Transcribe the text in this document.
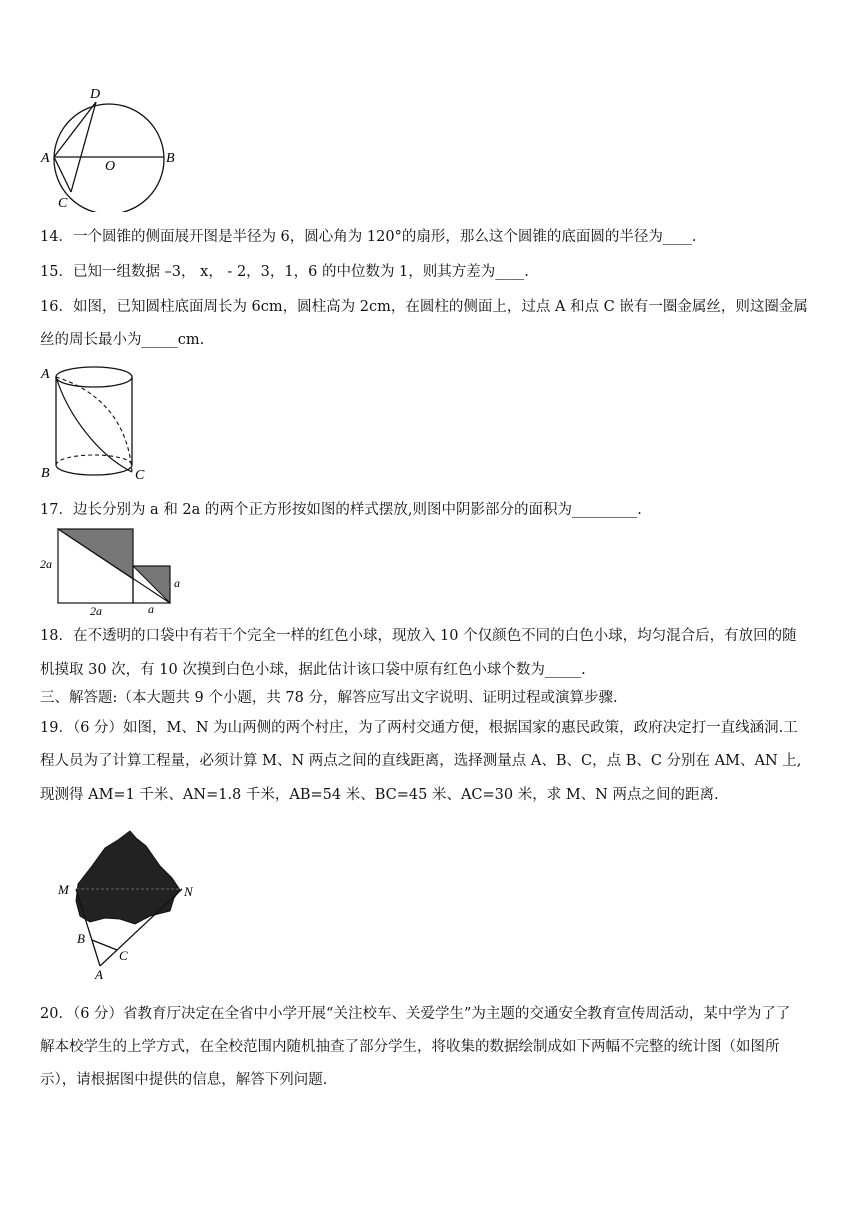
D
A
O
B
C
14．一个圆锥的侧面展开图是半径为 6，圆心角为 120°的扇形，那么这个圆锥的底面圆的半径为____.
15．已知一组数据 –3， x， - 2，3，1，6 的中位数为 1，则其方差为____.
16．如图，已知圆柱底面周长为 6cm，圆柱高为 2cm，在圆柱的侧面上，过点 A 和点 C 嵌有一圈金属丝，则这圈金属
丝的周长最小为_____cm.
A
B	C
17．边长分别为 a 和 2a 的两个正方形按如图的样式摆放,则图中阴影部分的面积为_________.
2a
2a	a
a
18．在不透明的口袋中有若干个完全一样的红色小球，现放入 10 个仅颜色不同的白色小球，均匀混合后，有放回的随
机摸取 30 次，有 10 次摸到白色小球，据此估计该口袋中原有红色小球个数为_____.
三、解答题:（本大题共 9 个小题，共 78 分，解答应写出文字说明、证明过程或演算步骤.
19．（6 分）如图，M、N 为山两侧的两个村庄，为了两村交通方便，根据国家的惠民政策，政府决定打一直线涵洞.工
程人员为了计算工程量，必须计算 M、N 两点之间的直线距离，选择测量点 A、B、C，点 B、C 分别在 AM、AN 上,
现测得 AM=1 千米、AN=1.8 千米，AB=54 米、BC=45 米、AC=30 米，求 M、N 两点之间的距离.
M	N
B
C
A
20．（6 分）省教育厅决定在全省中小学开展“关注校车、关爱学生”为主题的交通安全教育宣传周活动，某中学为了了
解本校学生的上学方式，在全校范围内随机抽查了部分学生，将收集的数据绘制成如下两幅不完整的统计图（如图所
示），请根据图中提供的信息，解答下列问题.
